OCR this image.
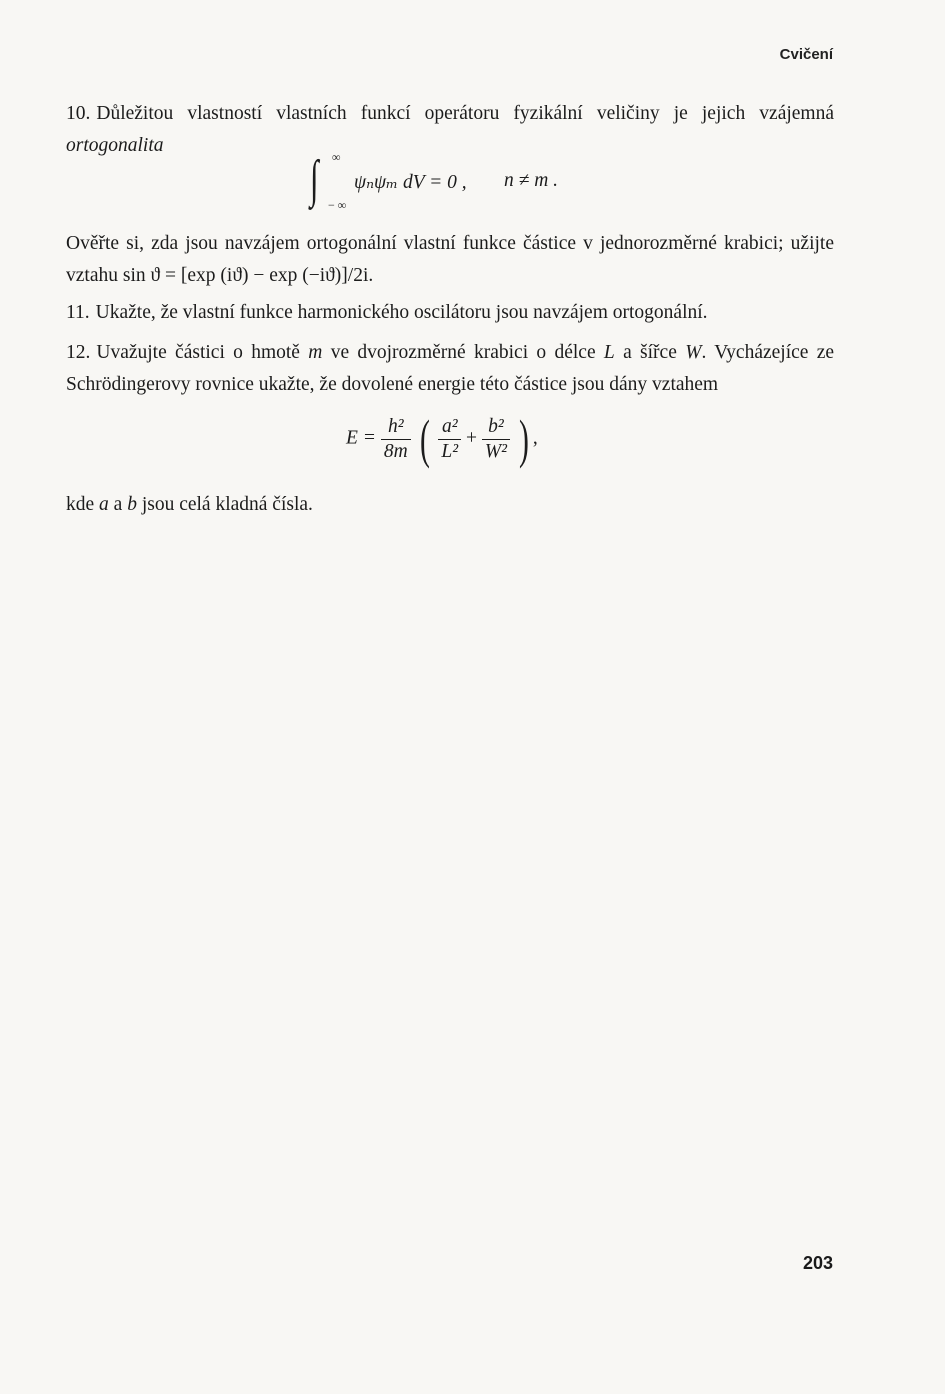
Cvičení
10. Důležitou vlastností vlastních funkcí operátoru fyzikální veličiny je jejich vzájemná ortogonalita
∫ ∞
− ∞
ψₙψₘ dV = 0 , n ≠ m .
Ověřte si, zda jsou navzájem ortogonální vlastní funkce částice v jednorozměrné krabici; užijte vztahu sin ϑ = [exp (iϑ) − exp (−iϑ)]/2i.
11. Ukažte, že vlastní funkce harmonického oscilátoru jsou navzájem ortogonální.
12. Uvažujte částici o hmotě m ve dvojrozměrné krabici o délce L a šířce W. Vycházejíce ze Schrödingerovy rovnice ukažte, že dovolené energie této částice jsou dány vztahem
$E = \frac{\text{h²}}{8m}$ ( $\frac{\text{a²}}{\text{L²}} + \frac{\text{b²}}{\text{W²}}$ ) ,
kde a a b jsou celá kladná čísla.
203
